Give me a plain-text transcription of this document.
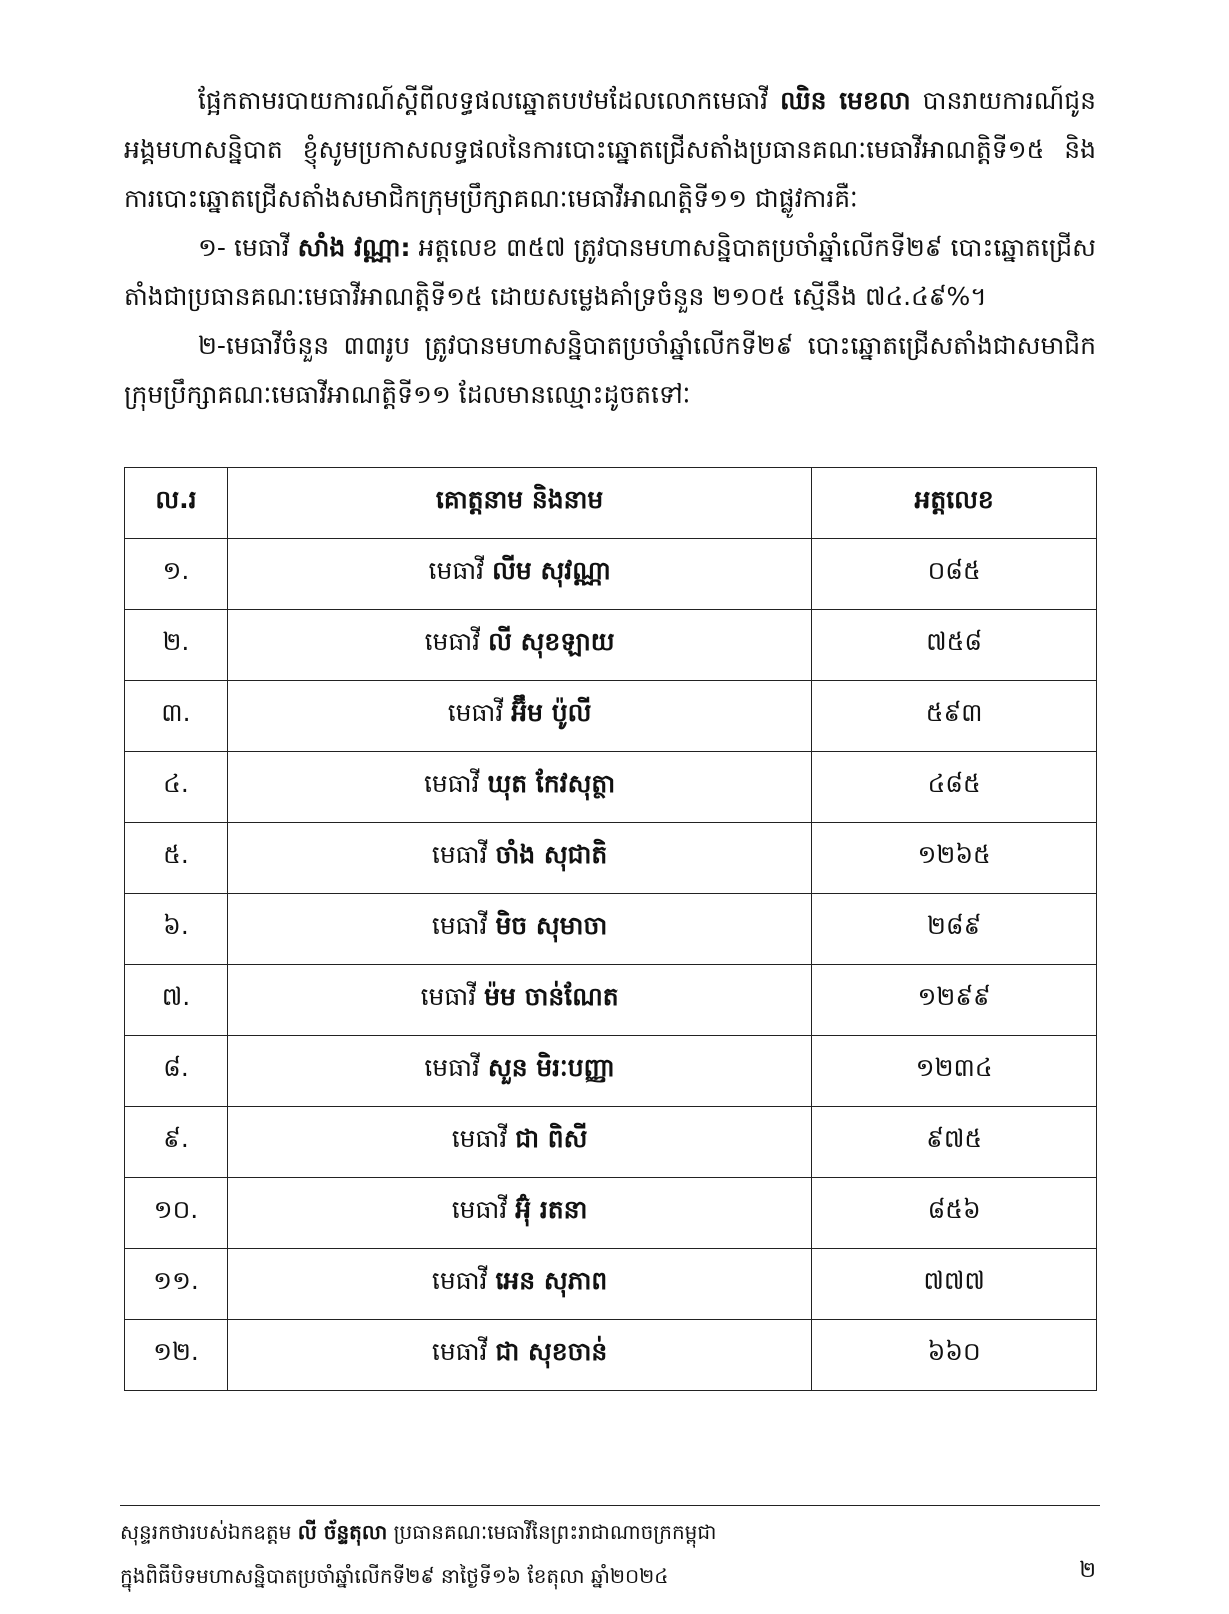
ផ្អែកតាមរបាយការណ៍ស្តីពីលទ្ធផលឆ្នោតបឋមដែលលោកមេធាវី ឈិន មេខលា បានរាយការណ៍ជូនអង្គមហាសន្និបាត ខ្ញុំសូមប្រកាសលទ្ធផលនៃការបោះឆ្នោតជ្រើសតាំងប្រធានគណៈមេធាវីអាណត្តិទី១៥ និងការបោះឆ្នោតជ្រើសតាំងសមាជិកក្រុមប្រឹក្សាគណៈមេធាវីអាណត្តិទី១១ ជាផ្លូវការគឺៈ

១- មេធាវី សាំង វណ្ណា: អត្តលេខ ៣៥៧ ត្រូវបានមហាសន្និបាតប្រចាំឆ្នាំលើកទី២៩ បោះឆ្នោតជ្រើសតាំងជាប្រធានគណៈមេធាវីអាណត្តិទី១៥ ដោយសម្លេងគាំទ្រចំនួន ២១០៥ ស្មើនឹង ៧៤.៤៩%។

២-មេធាវីចំនួន ៣៣រូប ត្រូវបានមហាសន្និបាតប្រចាំឆ្នាំលើកទី២៩ បោះឆ្នោតជ្រើសតាំងជាសមាជិកក្រុមប្រឹក្សាគណៈមេធាវីអាណត្តិទី១១ ដែលមានឈ្មោះដូចតទៅៈ

ល.រ	គោត្តនាម និងនាម	អត្តលេខ
១.	មេធាវី លីម សុវណ្ណា	០៨៥
២.	មេធាវី លី សុខឡាយ	៧៥៨
៣.	មេធាវី អ៊ឹម ប៉ូលី	៥៩៣
៤.	មេធាវី ឃុត កែវសុត្ថា	៤៨៥
៥.	មេធាវី ចាំង សុជាតិ	១២៦៥
៦.	មេធាវី មិច សុមាចា	២៨៩
៧.	មេធាវី ម៉ម ចាន់ណែត	១២៩៩
៨.	មេធាវី សួន មិរៈបញ្ញា	១២៣៤
៩.	មេធាវី ជា ពិសី	៩៧៥
១០.	មេធាវី អ៊ុំ រតនា	៨៥៦
១១.	មេធាវី អេន សុភាព	៧៧៧
១២.	មេធាវី ជា សុខចាន់	៦៦០
សុន្ទរកថារបស់ឯកឧត្តម លី ច័ន្ទតុលា ប្រធានគណៈមេធាវីនៃព្រះរាជាណាចក្រកម្ពុជា
ក្នុងពិធីបិទមហាសន្និបាតប្រចាំឆ្នាំលើកទី២៩ នាថ្ងៃទី១៦ ខែតុលា ឆ្នាំ២០២៤	២
